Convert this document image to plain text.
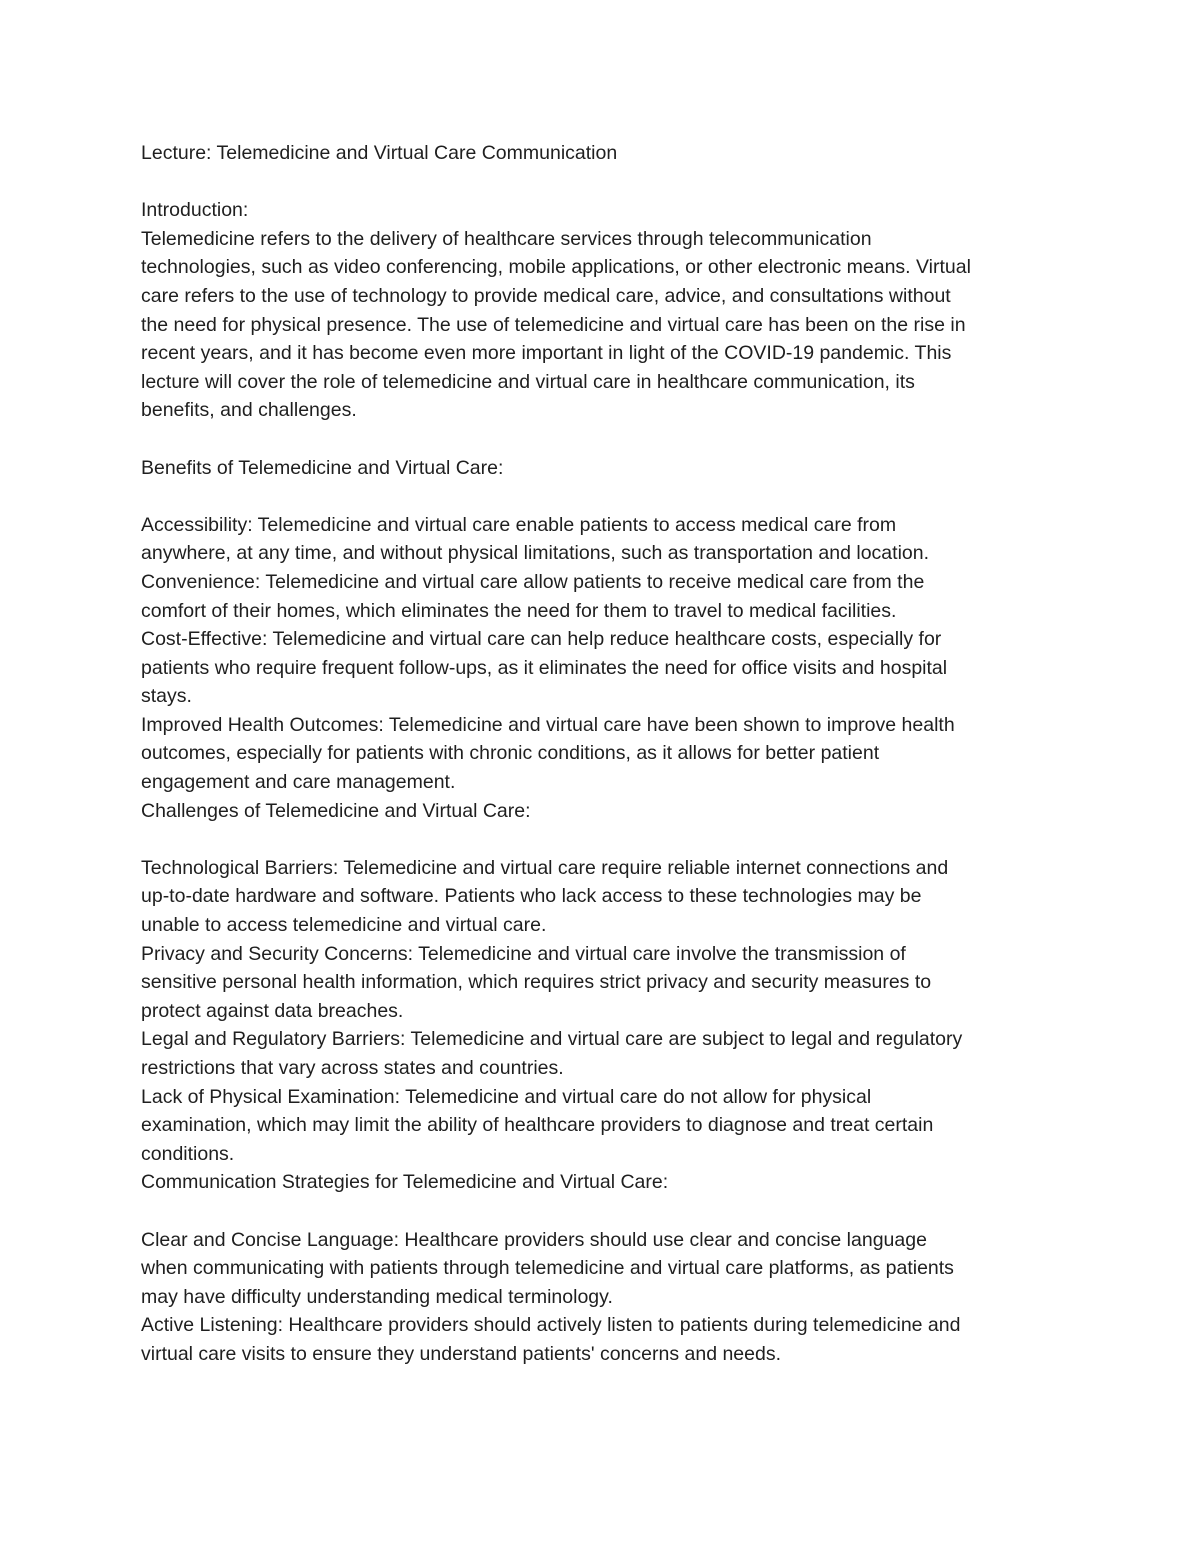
Lecture: Telemedicine and Virtual Care Communication
Introduction:
Telemedicine refers to the delivery of healthcare services through telecommunication
technologies, such as video conferencing, mobile applications, or other electronic means. Virtual
care refers to the use of technology to provide medical care, advice, and consultations without
the need for physical presence. The use of telemedicine and virtual care has been on the rise in
recent years, and it has become even more important in light of the COVID-19 pandemic. This
lecture will cover the role of telemedicine and virtual care in healthcare communication, its
benefits, and challenges.
Benefits of Telemedicine and Virtual Care:
Accessibility: Telemedicine and virtual care enable patients to access medical care from
anywhere, at any time, and without physical limitations, such as transportation and location.
Convenience: Telemedicine and virtual care allow patients to receive medical care from the
comfort of their homes, which eliminates the need for them to travel to medical facilities.
Cost-Effective: Telemedicine and virtual care can help reduce healthcare costs, especially for
patients who require frequent follow-ups, as it eliminates the need for office visits and hospital
stays.
Improved Health Outcomes: Telemedicine and virtual care have been shown to improve health
outcomes, especially for patients with chronic conditions, as it allows for better patient
engagement and care management.
Challenges of Telemedicine and Virtual Care:
Technological Barriers: Telemedicine and virtual care require reliable internet connections and
up-to-date hardware and software. Patients who lack access to these technologies may be
unable to access telemedicine and virtual care.
Privacy and Security Concerns: Telemedicine and virtual care involve the transmission of
sensitive personal health information, which requires strict privacy and security measures to
protect against data breaches.
Legal and Regulatory Barriers: Telemedicine and virtual care are subject to legal and regulatory
restrictions that vary across states and countries.
Lack of Physical Examination: Telemedicine and virtual care do not allow for physical
examination, which may limit the ability of healthcare providers to diagnose and treat certain
conditions.
Communication Strategies for Telemedicine and Virtual Care:
Clear and Concise Language: Healthcare providers should use clear and concise language
when communicating with patients through telemedicine and virtual care platforms, as patients
may have difficulty understanding medical terminology.
Active Listening: Healthcare providers should actively listen to patients during telemedicine and
virtual care visits to ensure they understand patients' concerns and needs.
